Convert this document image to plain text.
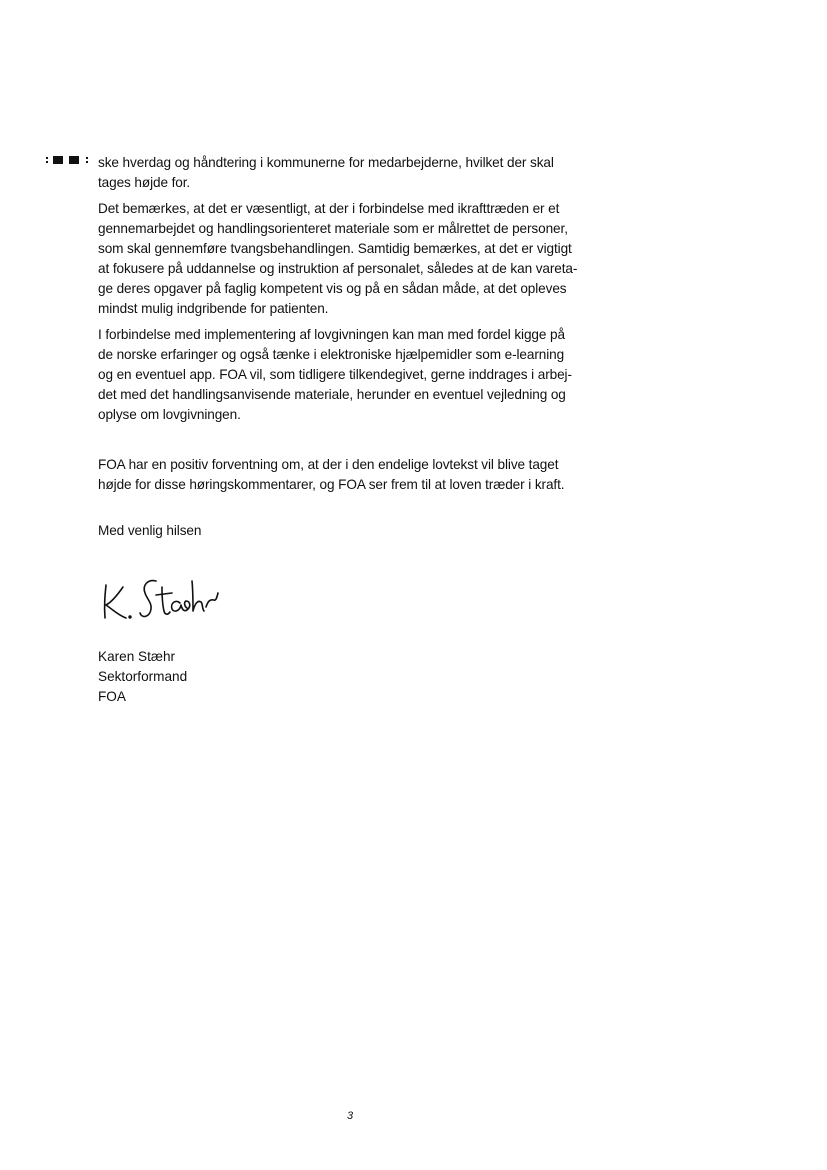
ske hverdag og håndtering i kommunerne for medarbejderne, hvilket der skal
tages højde for.

Det bemærkes, at det er væsentligt, at der i forbindelse med ikrafttræden er et
gennemarbejdet og handlingsorienteret materiale som er målrettet de personer,
som skal gennemføre tvangsbehandlingen. Samtidig bemærkes, at det er vigtigt
at fokusere på uddannelse og instruktion af personalet, således at de kan vareta-
ge deres opgaver på faglig kompetent vis og på en sådan måde, at det opleves
mindst mulig indgribende for patienten.

I forbindelse med implementering af lovgivningen kan man med fordel kigge på
de norske erfaringer og også tænke i elektroniske hjælpemidler som e-learning
og en eventuel app. FOA vil, som tidligere tilkendegivet, gerne inddrages i arbej-
det med det handlingsanvisende materiale, herunder en eventuel vejledning og
oplyse om lovgivningen.

FOA har en positiv forventning om, at der i den endelige lovtekst vil blive taget
højde for disse høringskommentarer, og FOA ser frem til at loven træder i kraft.

Med venlig hilsen

Karen Stæhr
Sektorformand
FOA
3
